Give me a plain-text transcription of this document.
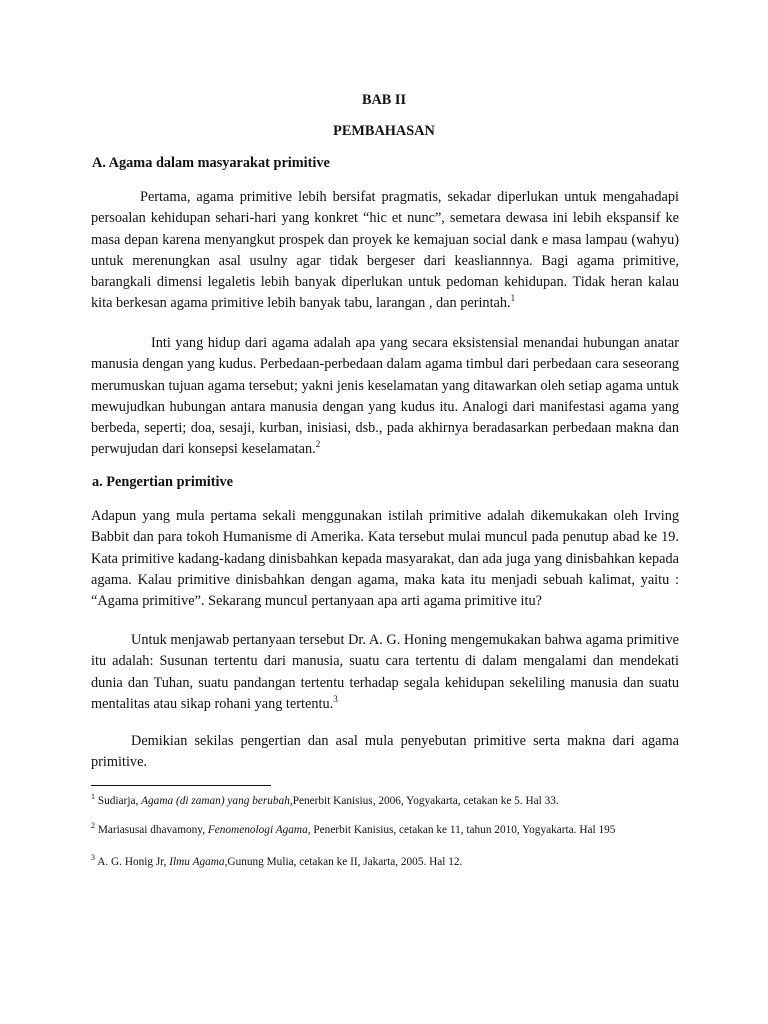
BAB II
PEMBAHASAN
A. Agama dalam masyarakat primitive

Pertama, agama primitive lebih bersifat pragmatis, sekadar diperlukan untuk mengahadapi persoalan kehidupan sehari-hari yang konkret “hic et nunc”, semetara dewasa ini lebih ekspansif ke masa depan karena menyangkut prospek dan proyek ke kemajuan social dank e masa lampau (wahyu) untuk merenungkan asal usulny agar tidak bergeser dari keasliannnya. Bagi agama primitive, barangkali dimensi legaletis lebih banyak diperlukan untuk pedoman kehidupan. Tidak heran kalau kita berkesan agama primitive lebih banyak tabu, larangan , dan perintah.$^1$

Inti yang hidup dari agama adalah apa yang secara eksistensial menandai hubungan anatar manusia dengan yang kudus. Perbedaan-perbedaan dalam agama timbul dari perbedaan cara seseorang merumuskan tujuan agama tersebut; yakni jenis keselamatan yang ditawarkan oleh setiap agama untuk mewujudkan hubungan antara manusia dengan yang kudus itu. Analogi dari manifestasi agama yang berbeda, seperti; doa, sesaji, kurban, inisiasi, dsb., pada akhirnya beradasarkan perbedaan makna dan perwujudan dari konsepsi keselamatan.$^2$

a. Pengertian primitive

Adapun yang mula pertama sekali menggunakan istilah primitive adalah dikemukakan oleh Irving Babbit dan para tokoh Humanisme di Amerika. Kata tersebut mulai muncul pada penutup abad ke 19. Kata primitive kadang-kadang dinisbahkan kepada masyarakat, dan ada juga yang dinisbahkan kepada agama. Kalau primitive dinisbahkan dengan agama, maka kata itu menjadi sebuah kalimat, yaitu : “Agama primitive”. Sekarang muncul pertanyaan apa arti agama primitive itu?

Untuk menjawab pertanyaan tersebut Dr. A. G. Honing mengemukakan bahwa agama primitive itu adalah: Susunan tertentu dari manusia, suatu cara tertentu di dalam mengalami dan mendekati dunia dan Tuhan, suatu pandangan tertentu terhadap segala kehidupan sekeliling manusia dan suatu mentalitas atau sikap rohani yang tertentu.$^3$

Demikian sekilas pengertian dan asal mula penyebutan primitive serta makna dari agama primitive.

$^1$ Sudiarja, Agama (di zaman) yang berubah,Penerbit Kanisius, 2006, Yogyakarta, cetakan ke 5. Hal 33.
$^2$ Mariasusai dhavamony, Fenomenologi Agama, Penerbit Kanisius, cetakan ke 11, tahun 2010, Yogyakarta. Hal 195
$^3$ A. G. Honig Jr, Ilmu Agama,Gunung Mulia, cetakan ke II, Jakarta, 2005. Hal 12.
